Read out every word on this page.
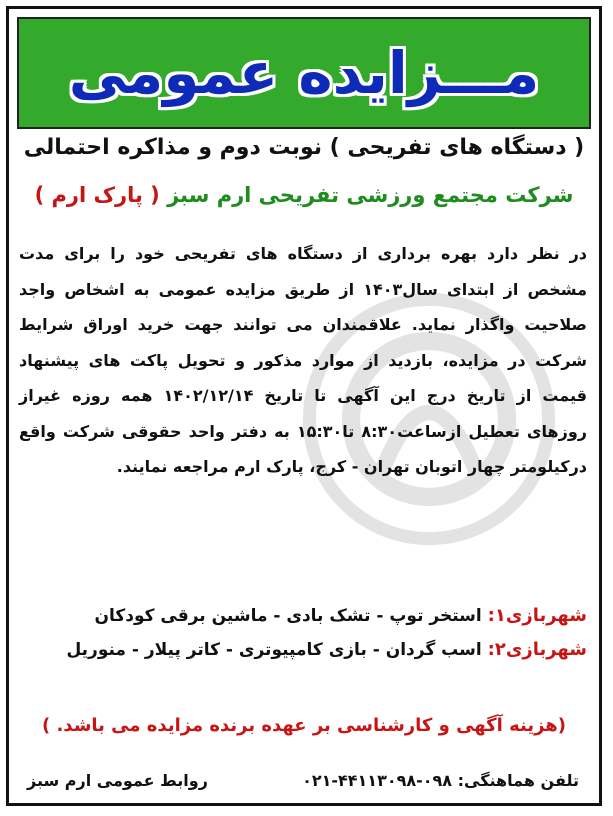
مـــزایده عمومی
( دستگاه های تفریحی ) نوبت دوم و مذاکره احتمالی
شرکت مجتمع ورزشی تفریحی ارم سبز ( پارک ارم )
در نظر دارد بهره برداری از دستگاه های تفریحی خود را برای مدت مشخص از ابتدای سال۱۴۰۳ از طریق مزایده عمومی به اشخاص واجد صلاحیت واگذار نماید. علاقمندان می توانند جهت خرید اوراق شرایط شرکت در مزایده، بازدید از موارد مذکور و تحویل پاکت های پیشنهاد قیمت از تاریخ درج این آگهی تا تاریخ ۱۴۰۲/۱۲/۱۴ همه روزه غیراز روزهای تعطیل ازساعت۸:۳۰ تا۱۵:۳۰ به دفتر واحد حقوقی شرکت واقع درکیلومتر چهار اتوبان تهران - کرج، پارک ارم مراجعه نمایند.
شهربازی۱: استخر توپ - تشک بادی - ماشین برقی کودکان
شهربازی۲: اسب گردان - بازی کامپیوتری - کاتر پیلار - منوریل
(هزینه آگهی و کارشناسی بر عهده برنده مزایده می باشد. )
تلفن هماهنگی: ۰۹۸-۴۴۱۱۳۰۹۸-۰۲۱
روابط عمومی ارم سبز
